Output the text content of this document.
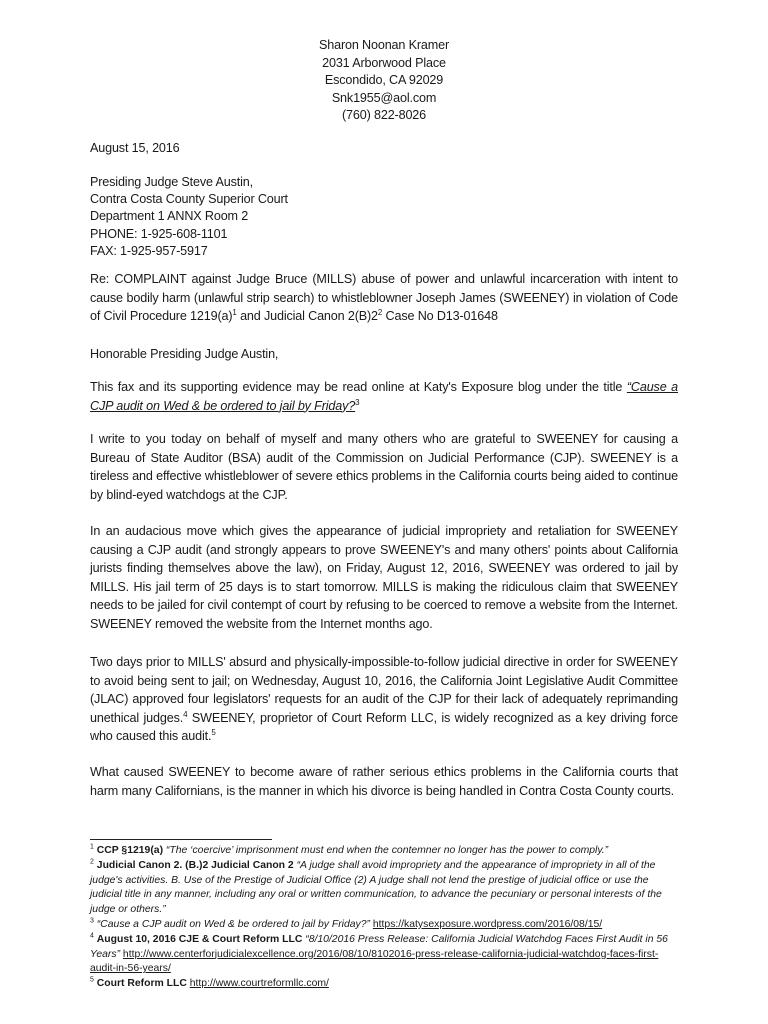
Sharon Noonan Kramer
2031 Arborwood Place
Escondido, CA 92029
Snk1955@aol.com
(760) 822-8026
August 15, 2016
Presiding Judge Steve Austin,
Contra Costa County Superior Court
Department 1 ANNX Room 2
PHONE: 1-925-608-1101
FAX: 1-925-957-5917
Re: COMPLAINT against Judge Bruce (MILLS) abuse of power and unlawful incarceration with intent to cause bodily harm (unlawful strip search) to whistleblowner Joseph James (SWEENEY) in violation of Code of Civil Procedure $1219(a)^1$ and Judicial Canon $2(B)2^2$ Case No D13-01648
Honorable Presiding Judge Austin,
This fax and its supporting evidence may be read online at Katy's Exposure blog under the title “Cause a CJP audit on Wed & be ordered to jail by Friday?$^3$
I write to you today on behalf of myself and many others who are grateful to SWEENEY for causing a Bureau of State Auditor (BSA) audit of the Commission on Judicial Performance (CJP). SWEENEY is a tireless and effective whistleblower of severe ethics problems in the California courts being aided to continue by blind-eyed watchdogs at the CJP.
In an audacious move which gives the appearance of judicial impropriety and retaliation for SWEENEY causing a CJP audit (and strongly appears to prove SWEENEY's and many others' points about California jurists finding themselves above the law), on Friday, August 12, 2016, SWEENEY was ordered to jail by MILLS. His jail term of 25 days is to start tomorrow. MILLS is making the ridiculous claim that SWEENEY needs to be jailed for civil contempt of court by refusing to be coerced to remove a website from the Internet. SWEENEY removed the website from the Internet months ago.
Two days prior to MILLS' absurd and physically-impossible-to-follow judicial directive in order for SWEENEY to avoid being sent to jail; on Wednesday, August 10, 2016, the California Joint Legislative Audit Committee (JLAC) approved four legislators' requests for an audit of the CJP for their lack of adequately reprimanding unethical judges.$^4$ SWEENEY, proprietor of Court Reform LLC, is widely recognized as a key driving force who caused this audit.$^5$
What caused SWEENEY to become aware of rather serious ethics problems in the California courts that harm many Californians, is the manner in which his divorce is being handled in Contra Costa County courts.
$^1$ CCP §1219(a) “The ‘coercive’ imprisonment must end when the contemner no longer has the power to comply.”
$^2$ Judicial Canon 2. (B.)2 Judicial Canon 2 “A judge shall avoid impropriety and the appearance of impropriety in all of the judge's activities. B. Use of the Prestige of Judicial Office (2) A judge shall not lend the prestige of judicial office or use the judicial title in any manner, including any oral or written communication, to advance the pecuniary or personal interests of the judge or others.”
$^3$ “Cause a CJP audit on Wed & be ordered to jail by Friday?” https://katysexposure.wordpress.com/2016/08/15/
$^4$ August 10, 2016 CJE & Court Reform LLC “8/10/2016 Press Release: California Judicial Watchdog Faces First Audit in 56 Years” http://www.centerforjudicialexcellence.org/2016/08/10/8102016-press-release-california-judicial-watchdog-faces-first-audit-in-56-years/
$^5$ Court Reform LLC http://www.courtreformllc.com/
